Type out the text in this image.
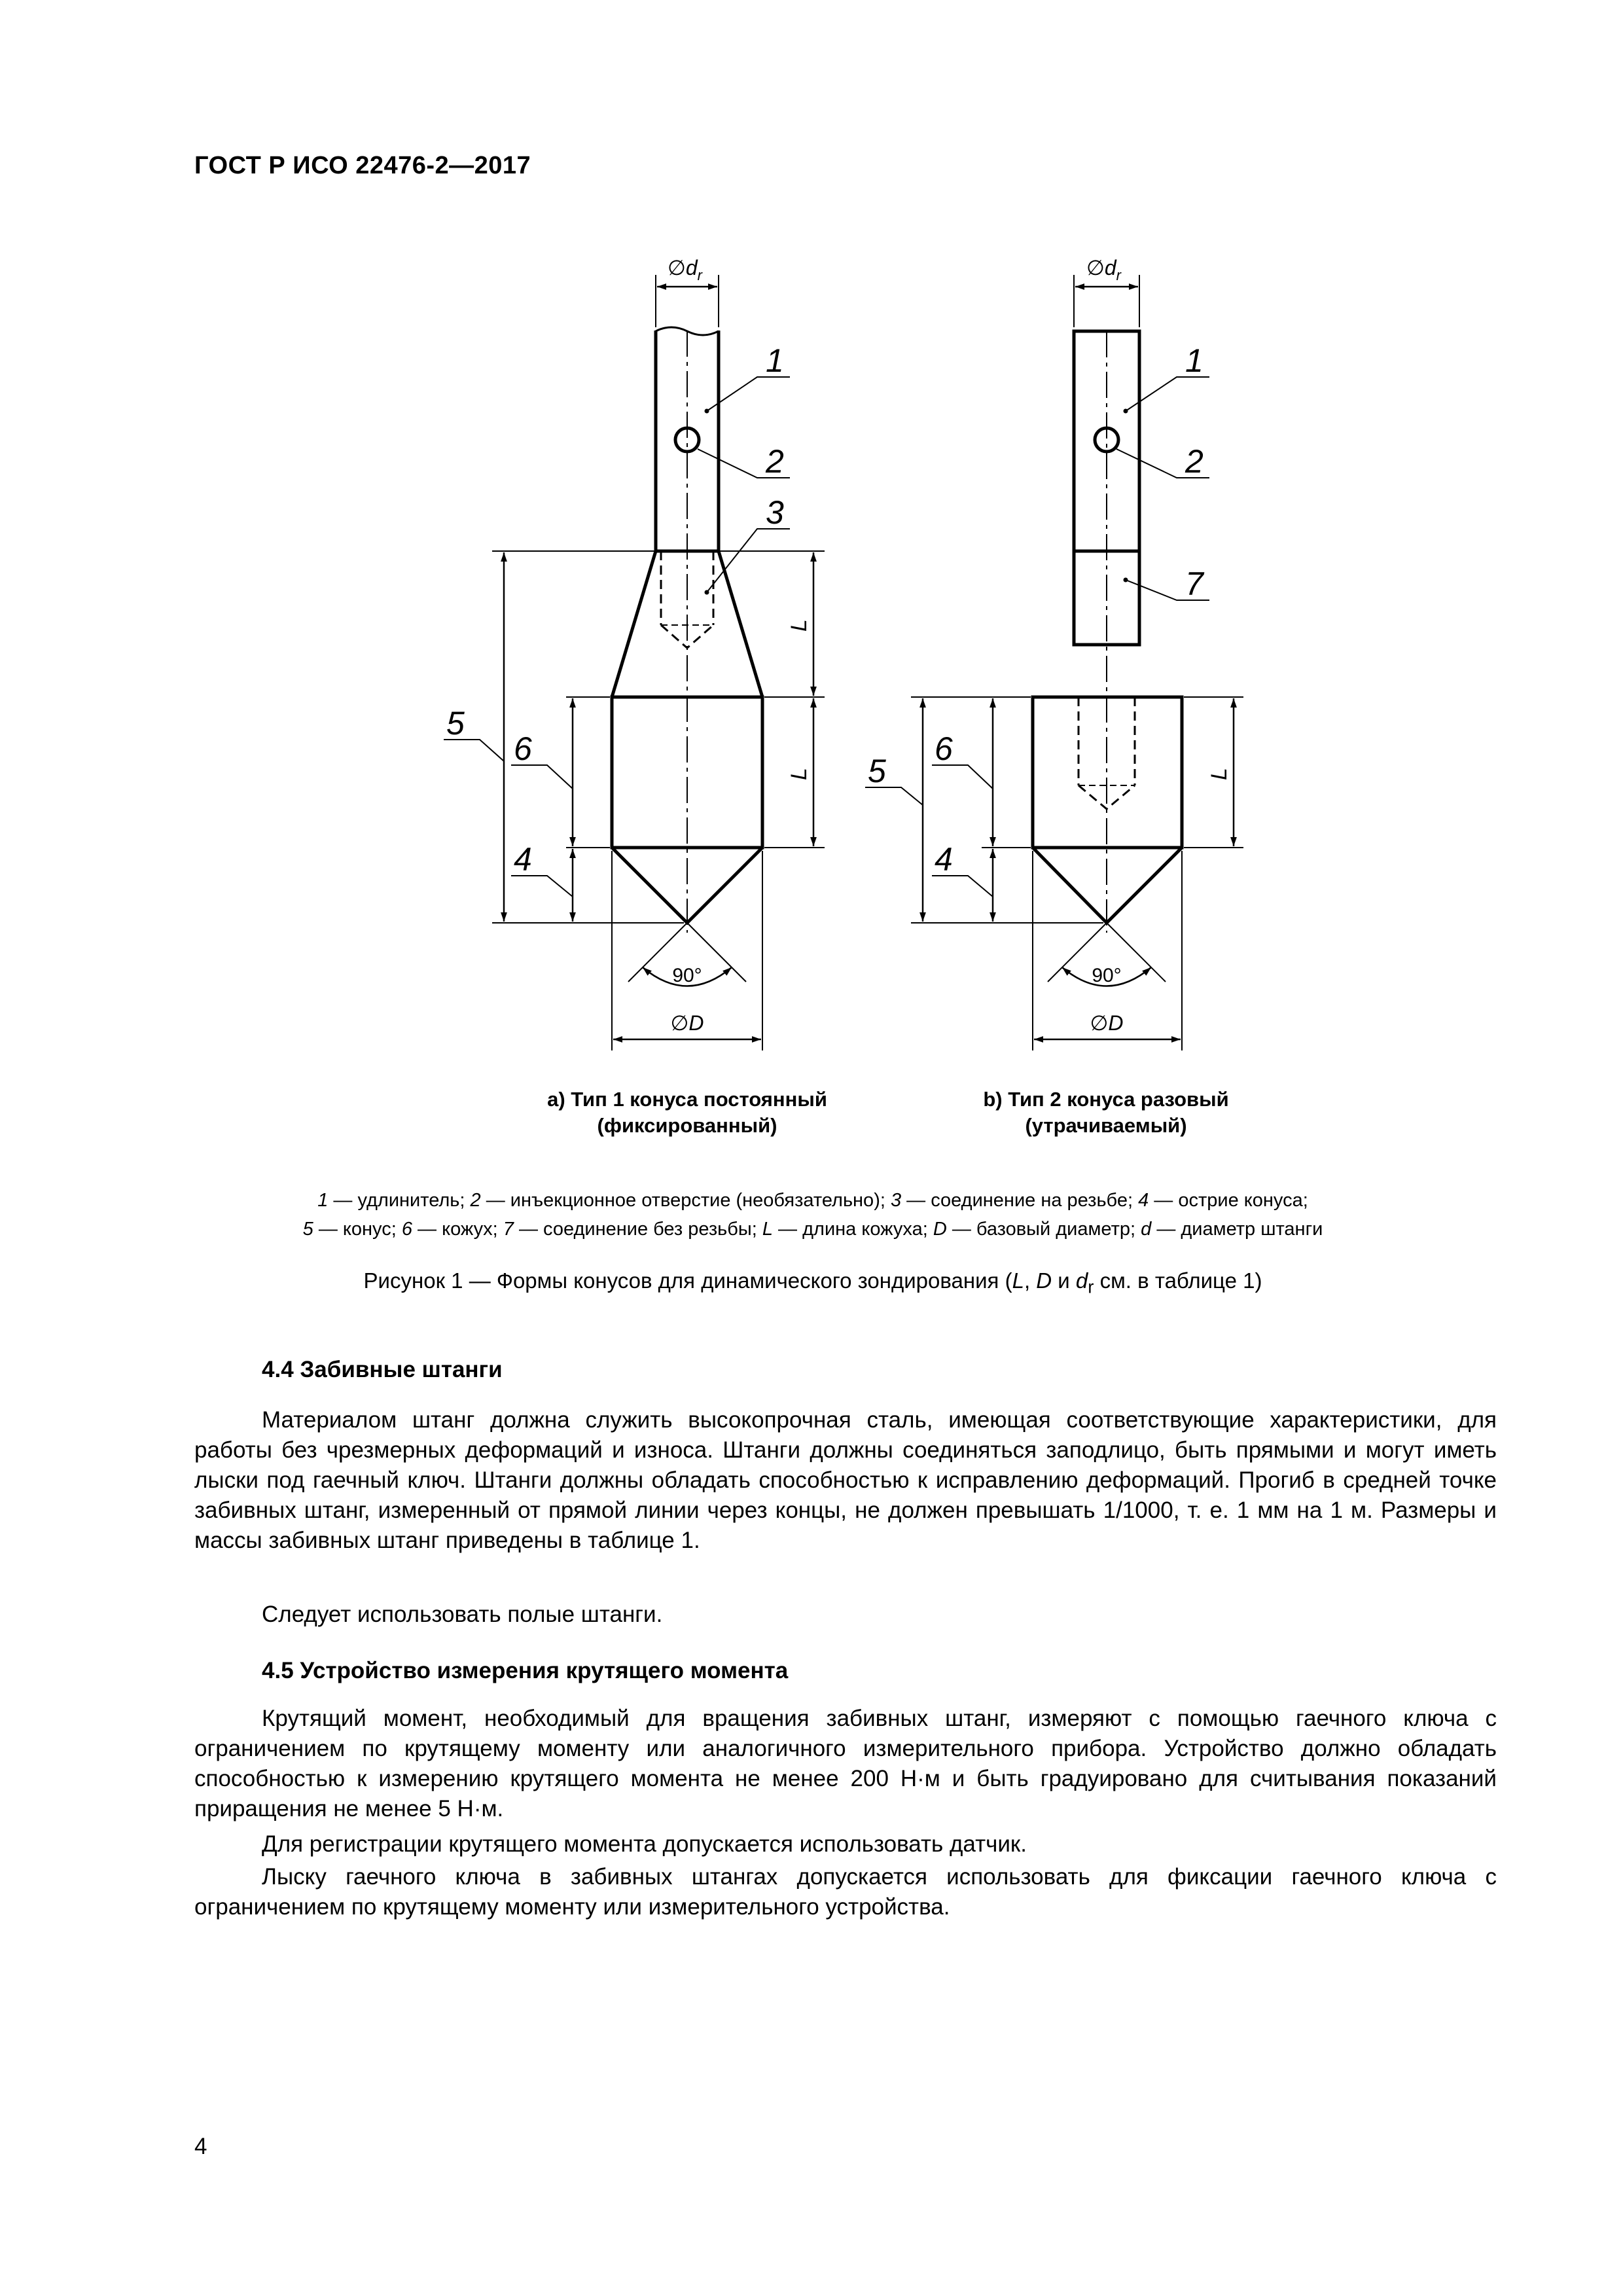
ГОСТ Р ИСО 22476-2—2017
1
2
3
5
6
4
1
2
7
5
6
4
L
L	L
$\emptyset d_r$	$\emptyset d_r$
∅D	∅D
90°	90°
a) Тип 1 конуса постоянный
(фиксированный)
b) Тип 2 конуса разовый
(утрачиваемый)
1 — удлинитель; 2 — инъекционное отверстие (необязательно); 3 — соединение на резьбе; 4 — острие конуса;
5 — конус; 6 — кожух; 7 — соединение без резьбы; L — длина кожуха; D — базовый диаметр; d — диаметр штанги
Рисунок 1 — Формы конусов для динамического зондирования (L, D и $d_r$ см. в таблице 1)
4.4 Забивные штанги
Материалом штанг должна служить высокопрочная сталь, имеющая соответствующие характеристики, для работы без чрезмерных деформаций и износа. Штанги должны соединяться заподлицо, быть прямыми и могут иметь лыски под гаечный ключ. Штанги должны обладать способностью к исправлению деформаций. Прогиб в средней точке забивных штанг, измеренный от прямой линии через концы, не должен превышать 1/1000, т. е. 1 мм на 1 м. Размеры и массы забивных штанг приведены в таблице 1.
Следует использовать полые штанги.
4.5 Устройство измерения крутящего момента
Крутящий момент, необходимый для вращения забивных штанг, измеряют с помощью гаечного ключа с ограничением по крутящему моменту или аналогичного измерительного прибора. Устройство должно обладать способностью к измерению крутящего момента не менее 200 Н·м и быть градуировано для считывания показаний приращения не менее 5 Н·м.
Для регистрации крутящего момента допускается использовать датчик.
Лыску гаечного ключа в забивных штангах допускается использовать для фиксации гаечного ключа с ограничением по крутящему моменту или измерительного устройства.
4
